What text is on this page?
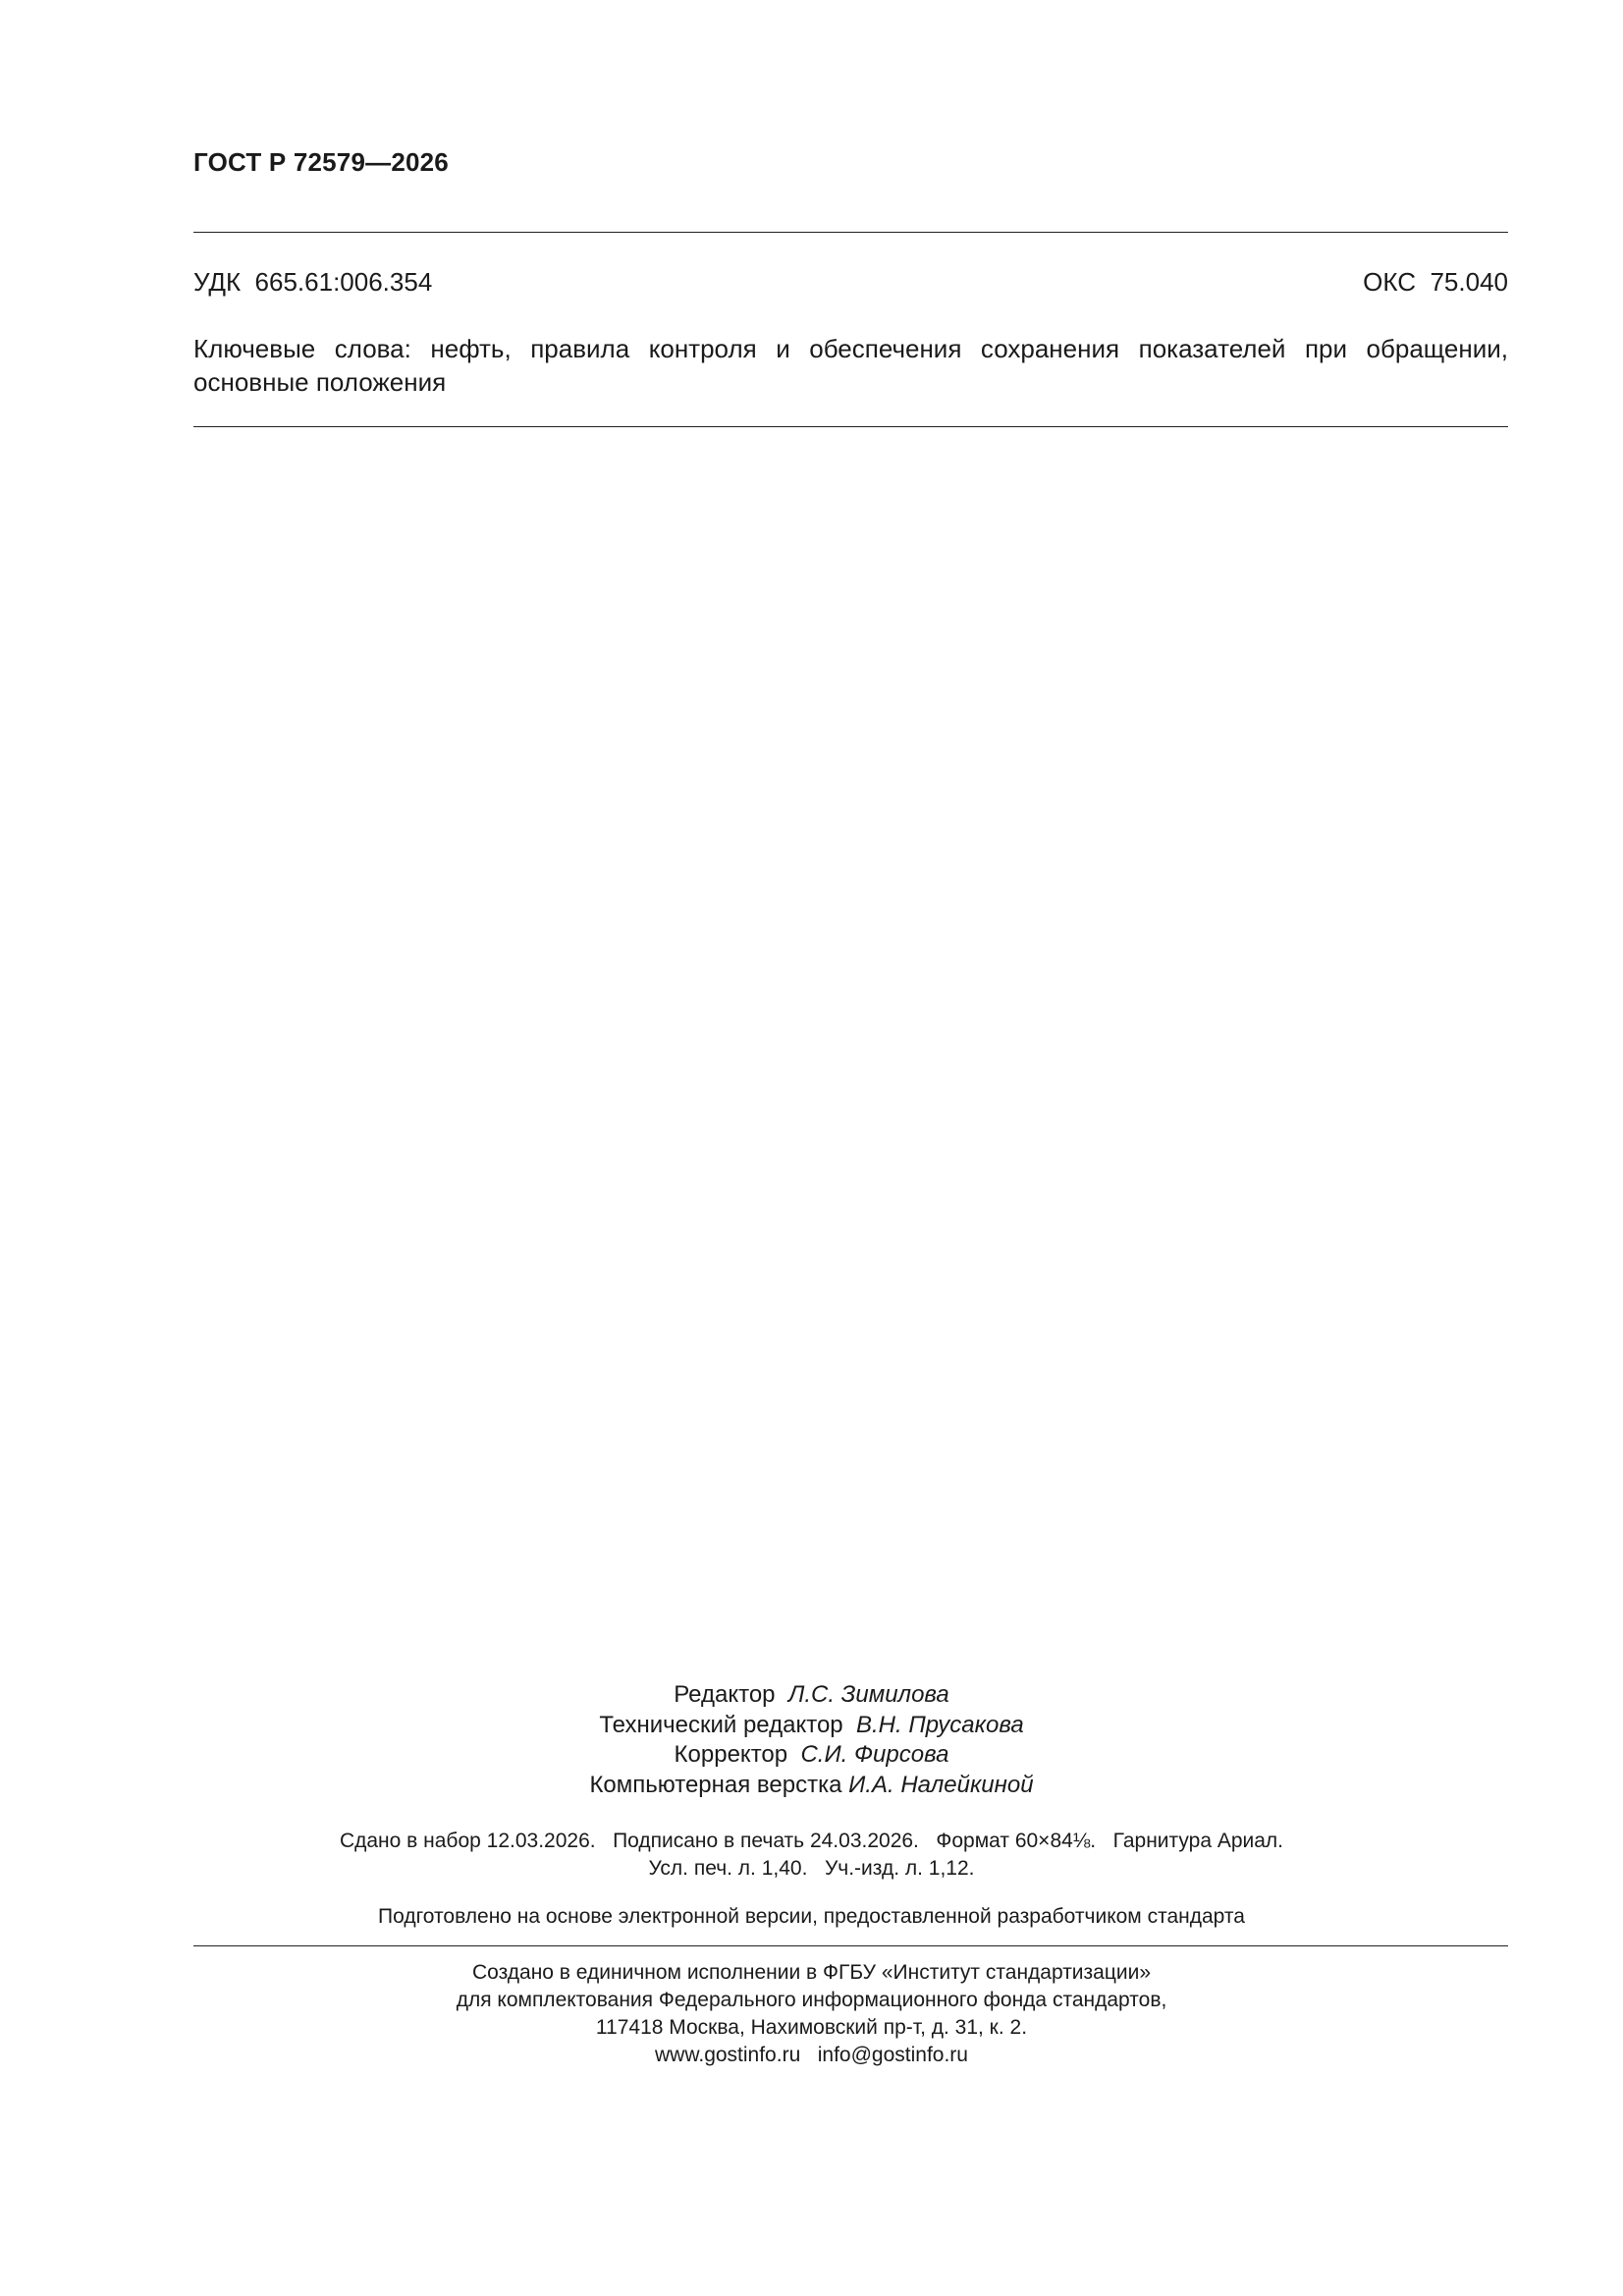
ГОСТ Р 72579—2026
УДК  665.61:006.354	ОКС  75.040
Ключевые слова: нефть, правила контроля и обеспечения сохранения показателей при обращении, основные положения
Редактор Л.С. Зимилова
Технический редактор В.Н. Прусакова
Корректор С.И. Фирсова
Компьютерная верстка И.А. Налейкиной
Сдано в набор 12.03.2026.   Подписано в печать 24.03.2026.   Формат 60×84⅛.   Гарнитура Ариал.
Усл. печ. л. 1,40.   Уч.-изд. л. 1,12.
Подготовлено на основе электронной версии, предоставленной разработчиком стандарта
Создано в единичном исполнении в ФГБУ «Институт стандартизации»
для комплектования Федерального информационного фонда стандартов,
117418 Москва, Нахимовский пр-т, д. 31, к. 2.
www.gostinfo.ru   info@gostinfo.ru
